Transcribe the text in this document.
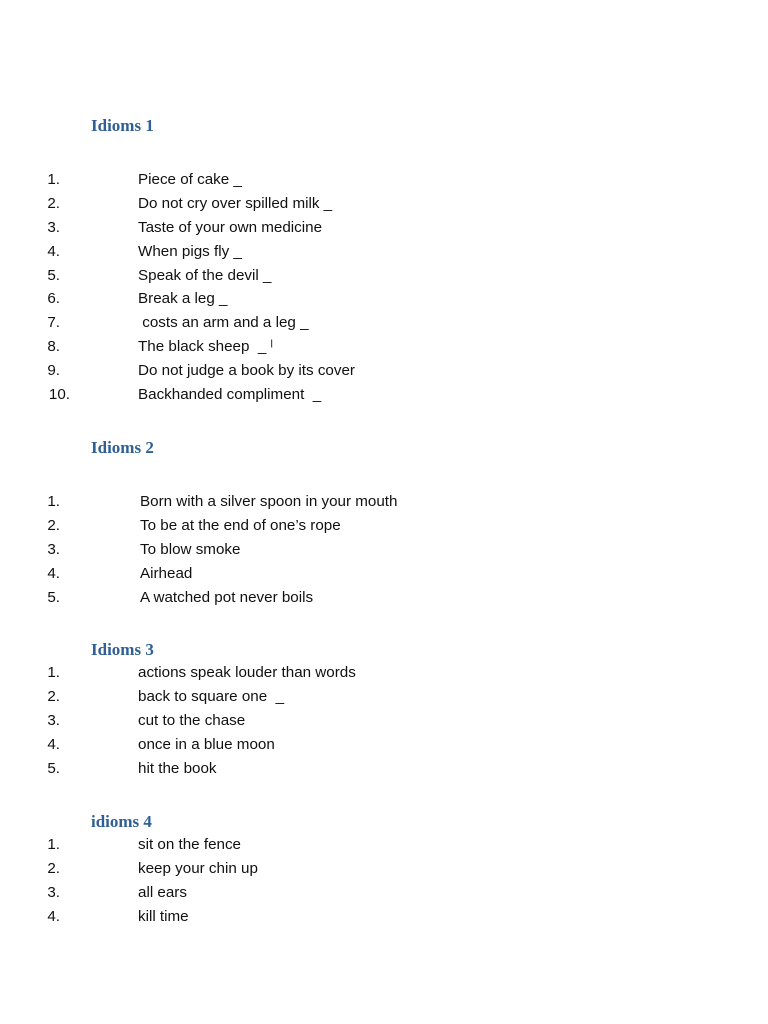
Idioms 1
1.	Piece of cake _
2.	Do not cry over spilled milk _
3.	Taste of your own medicine
4.	When pigs fly _
5.	Speak of the devil _
6.	Break a leg _
7.	costs an arm and a leg _
8.	The black sheep  _ ˡ
9.	Do not judge a book by its cover
10.	Backhanded compliment  _
Idioms 2
1.	Born with a silver spoon in your mouth
2.	To be at the end of one’s rope
3.	To blow smoke
4.	Airhead
5.	A watched pot never boils
Idioms 3
1.	actions speak louder than words
2.	back to square one  _
3.	cut to the chase
4.	once in a blue moon
5.	hit the book
idioms 4
1.	sit on the fence
2.	keep your chin up
3.	all ears
4.	kill time
